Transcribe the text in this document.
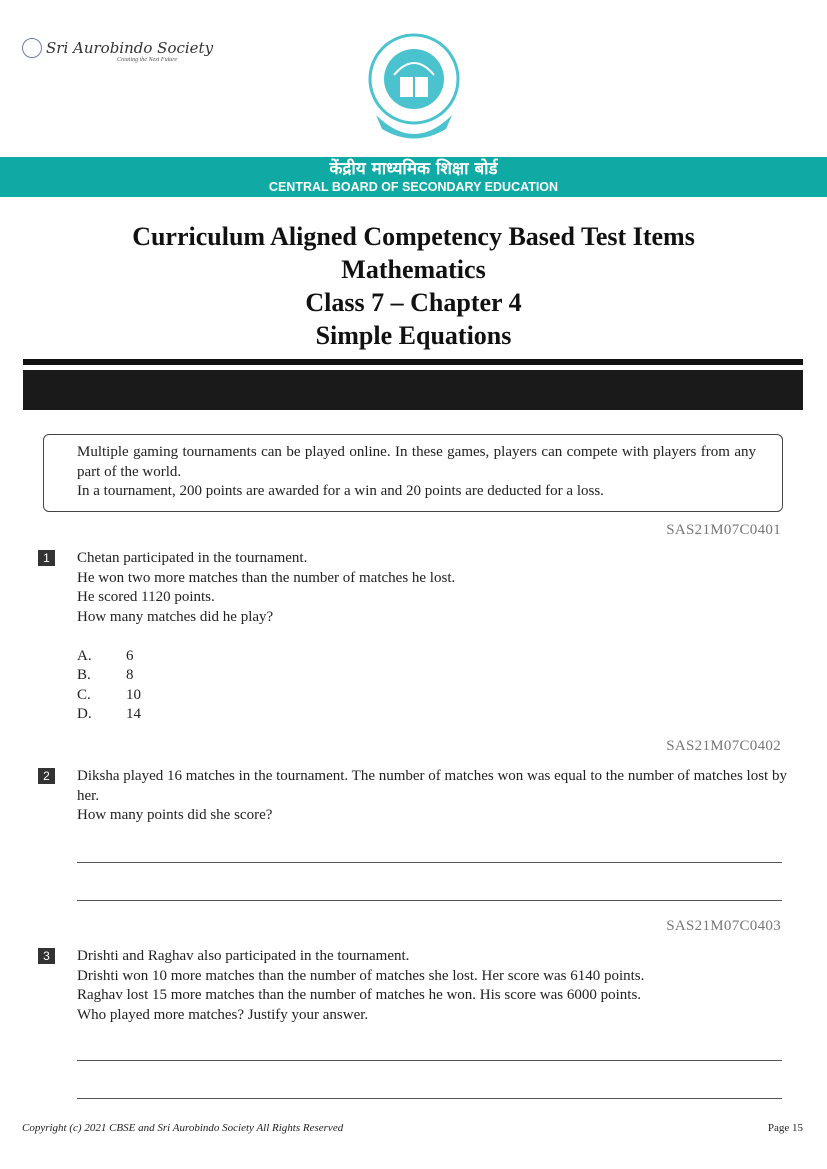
Sri Aurobindo Society
Creating the Next Future
केंद्रीय माध्यमिक शिक्षा बोर्ड
CENTRAL BOARD OF SECONDARY EDUCATION
Curriculum Aligned Competency Based Test Items
Mathematics
Class 7 – Chapter 4
Simple Equations
Multiple gaming tournaments can be played online. In these games, players can compete with players from any part of the world.
In a tournament, 200 points are awarded for a win and 20 points are deducted for a loss.
SAS21M07C0401
1	Chetan participated in the tournament.
He won two more matches than the number of matches he lost.
He scored 1120 points.
How many matches did he play?
A.	6
B.	8
C.	10
D.	14
SAS21M07C0402
2	Diksha played 16 matches in the tournament. The number of matches won was equal to the number of matches lost by her.
How many points did she score?
SAS21M07C0403
3	Drishti and Raghav also participated in the tournament.
Drishti won 10 more matches than the number of matches she lost. Her score was 6140 points.
Raghav lost 15 more matches than the number of matches he won. His score was 6000 points.
Who played more matches? Justify your answer.
Copyright (c) 2021 CBSE and Sri Aurobindo Society All Rights Reserved	Page 15
